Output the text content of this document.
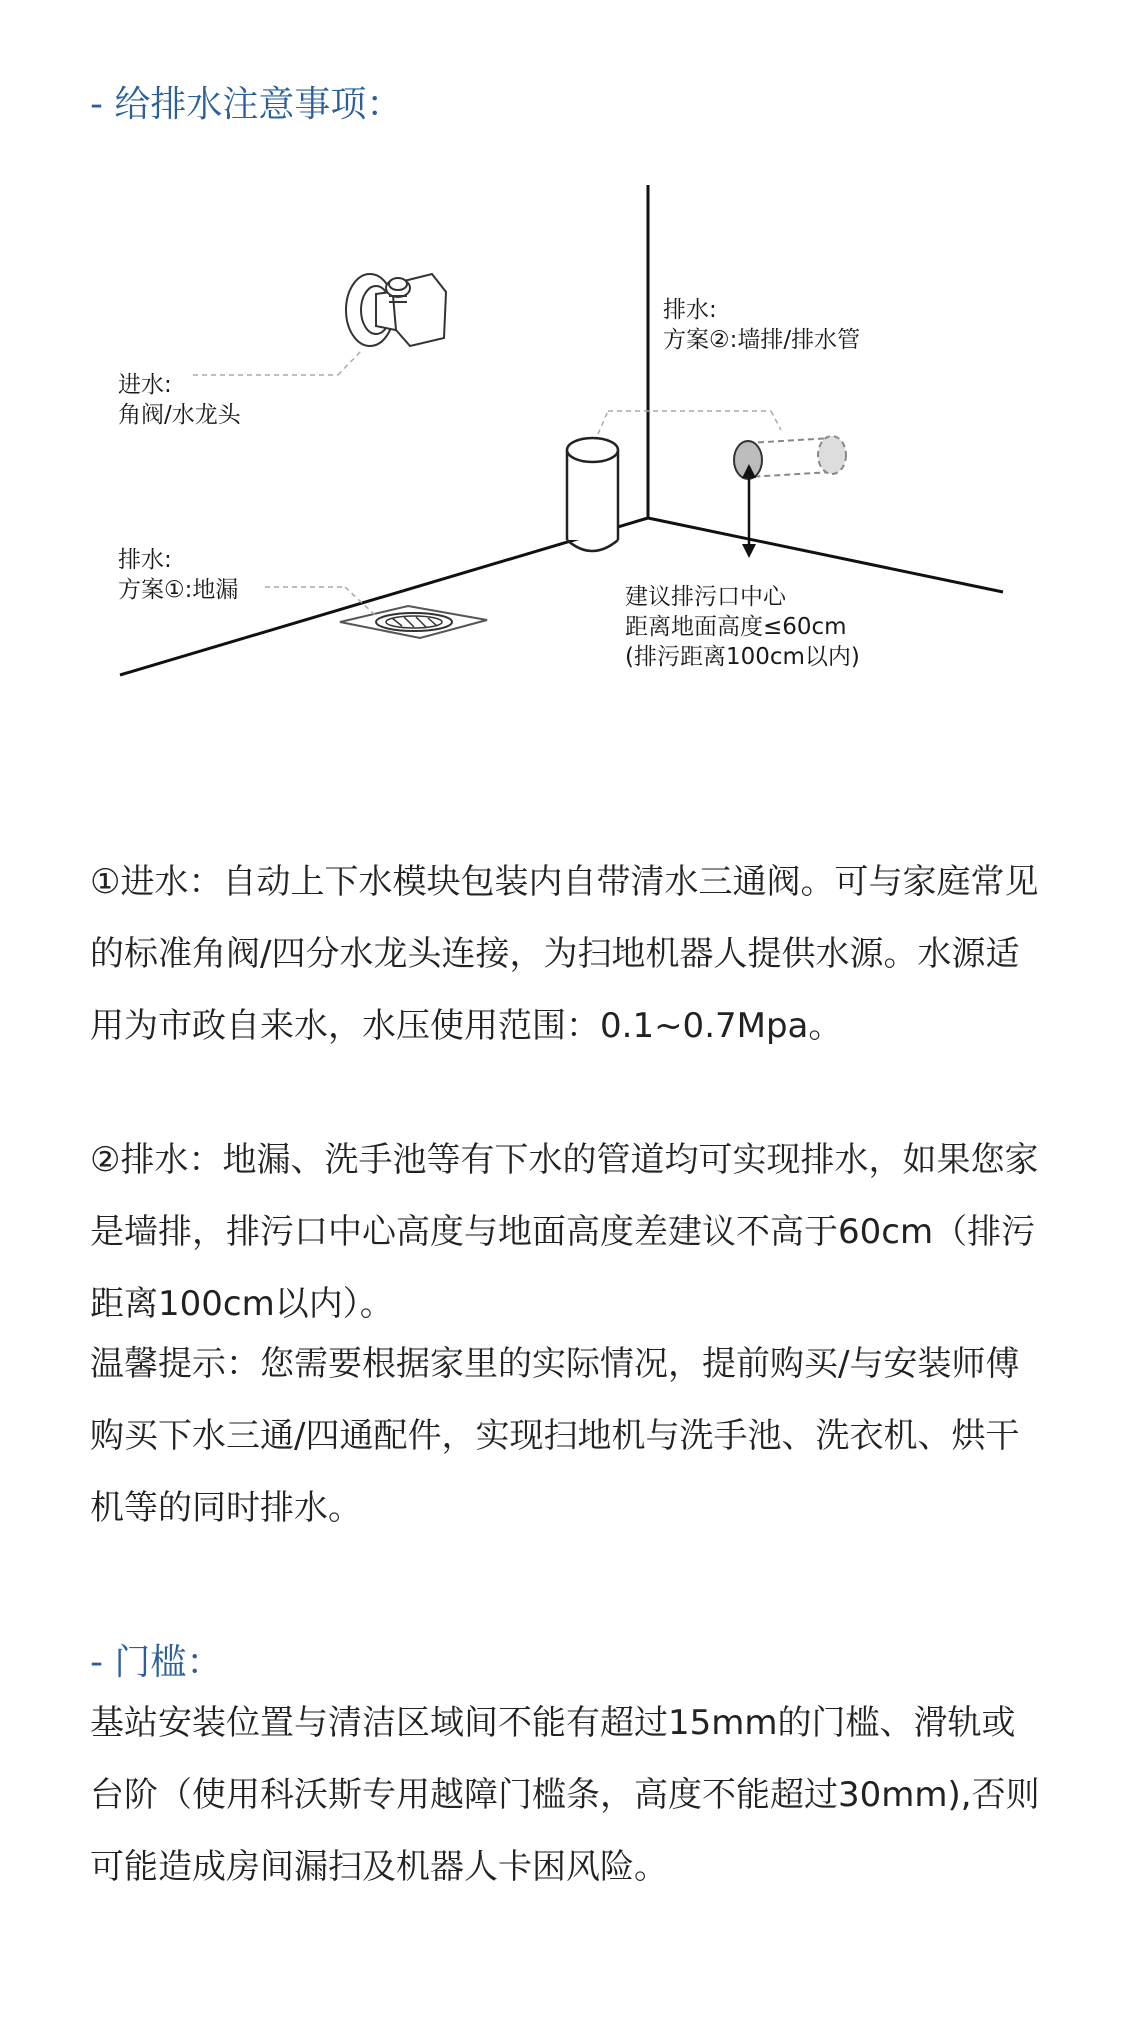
- 给排水注意事项：
进水:
角阀/水龙头
排水:
方案①:地漏
排水:
方案②:墙排/排水管
建议排污口中心
距离地面高度≤60cm
(排污距离100cm以内)

①进水：自动上下水模块包装内自带清水三通阀。可与家庭常见的标准角阀/四分水龙头连接，为扫地机器人提供水源。水源适用为市政自来水，水压使用范围：0.1~0.7Mpa。

②排水：地漏、洗手池等有下水的管道均可实现排水，如果您家是墙排，排污口中心高度与地面高度差建议不高于60cm（排污距离100cm以内）。

温馨提示：您需要根据家里的实际情况，提前购买/与安装师傅购买下水三通/四通配件，实现扫地机与洗手池、洗衣机、烘干机等的同时排水。

- 门槛：

基站安装位置与清洁区域间不能有超过15mm的门槛、滑轨或台阶（使用科沃斯专用越障门槛条，高度不能超过30mm),否则可能造成房间漏扫及机器人卡困风险。
